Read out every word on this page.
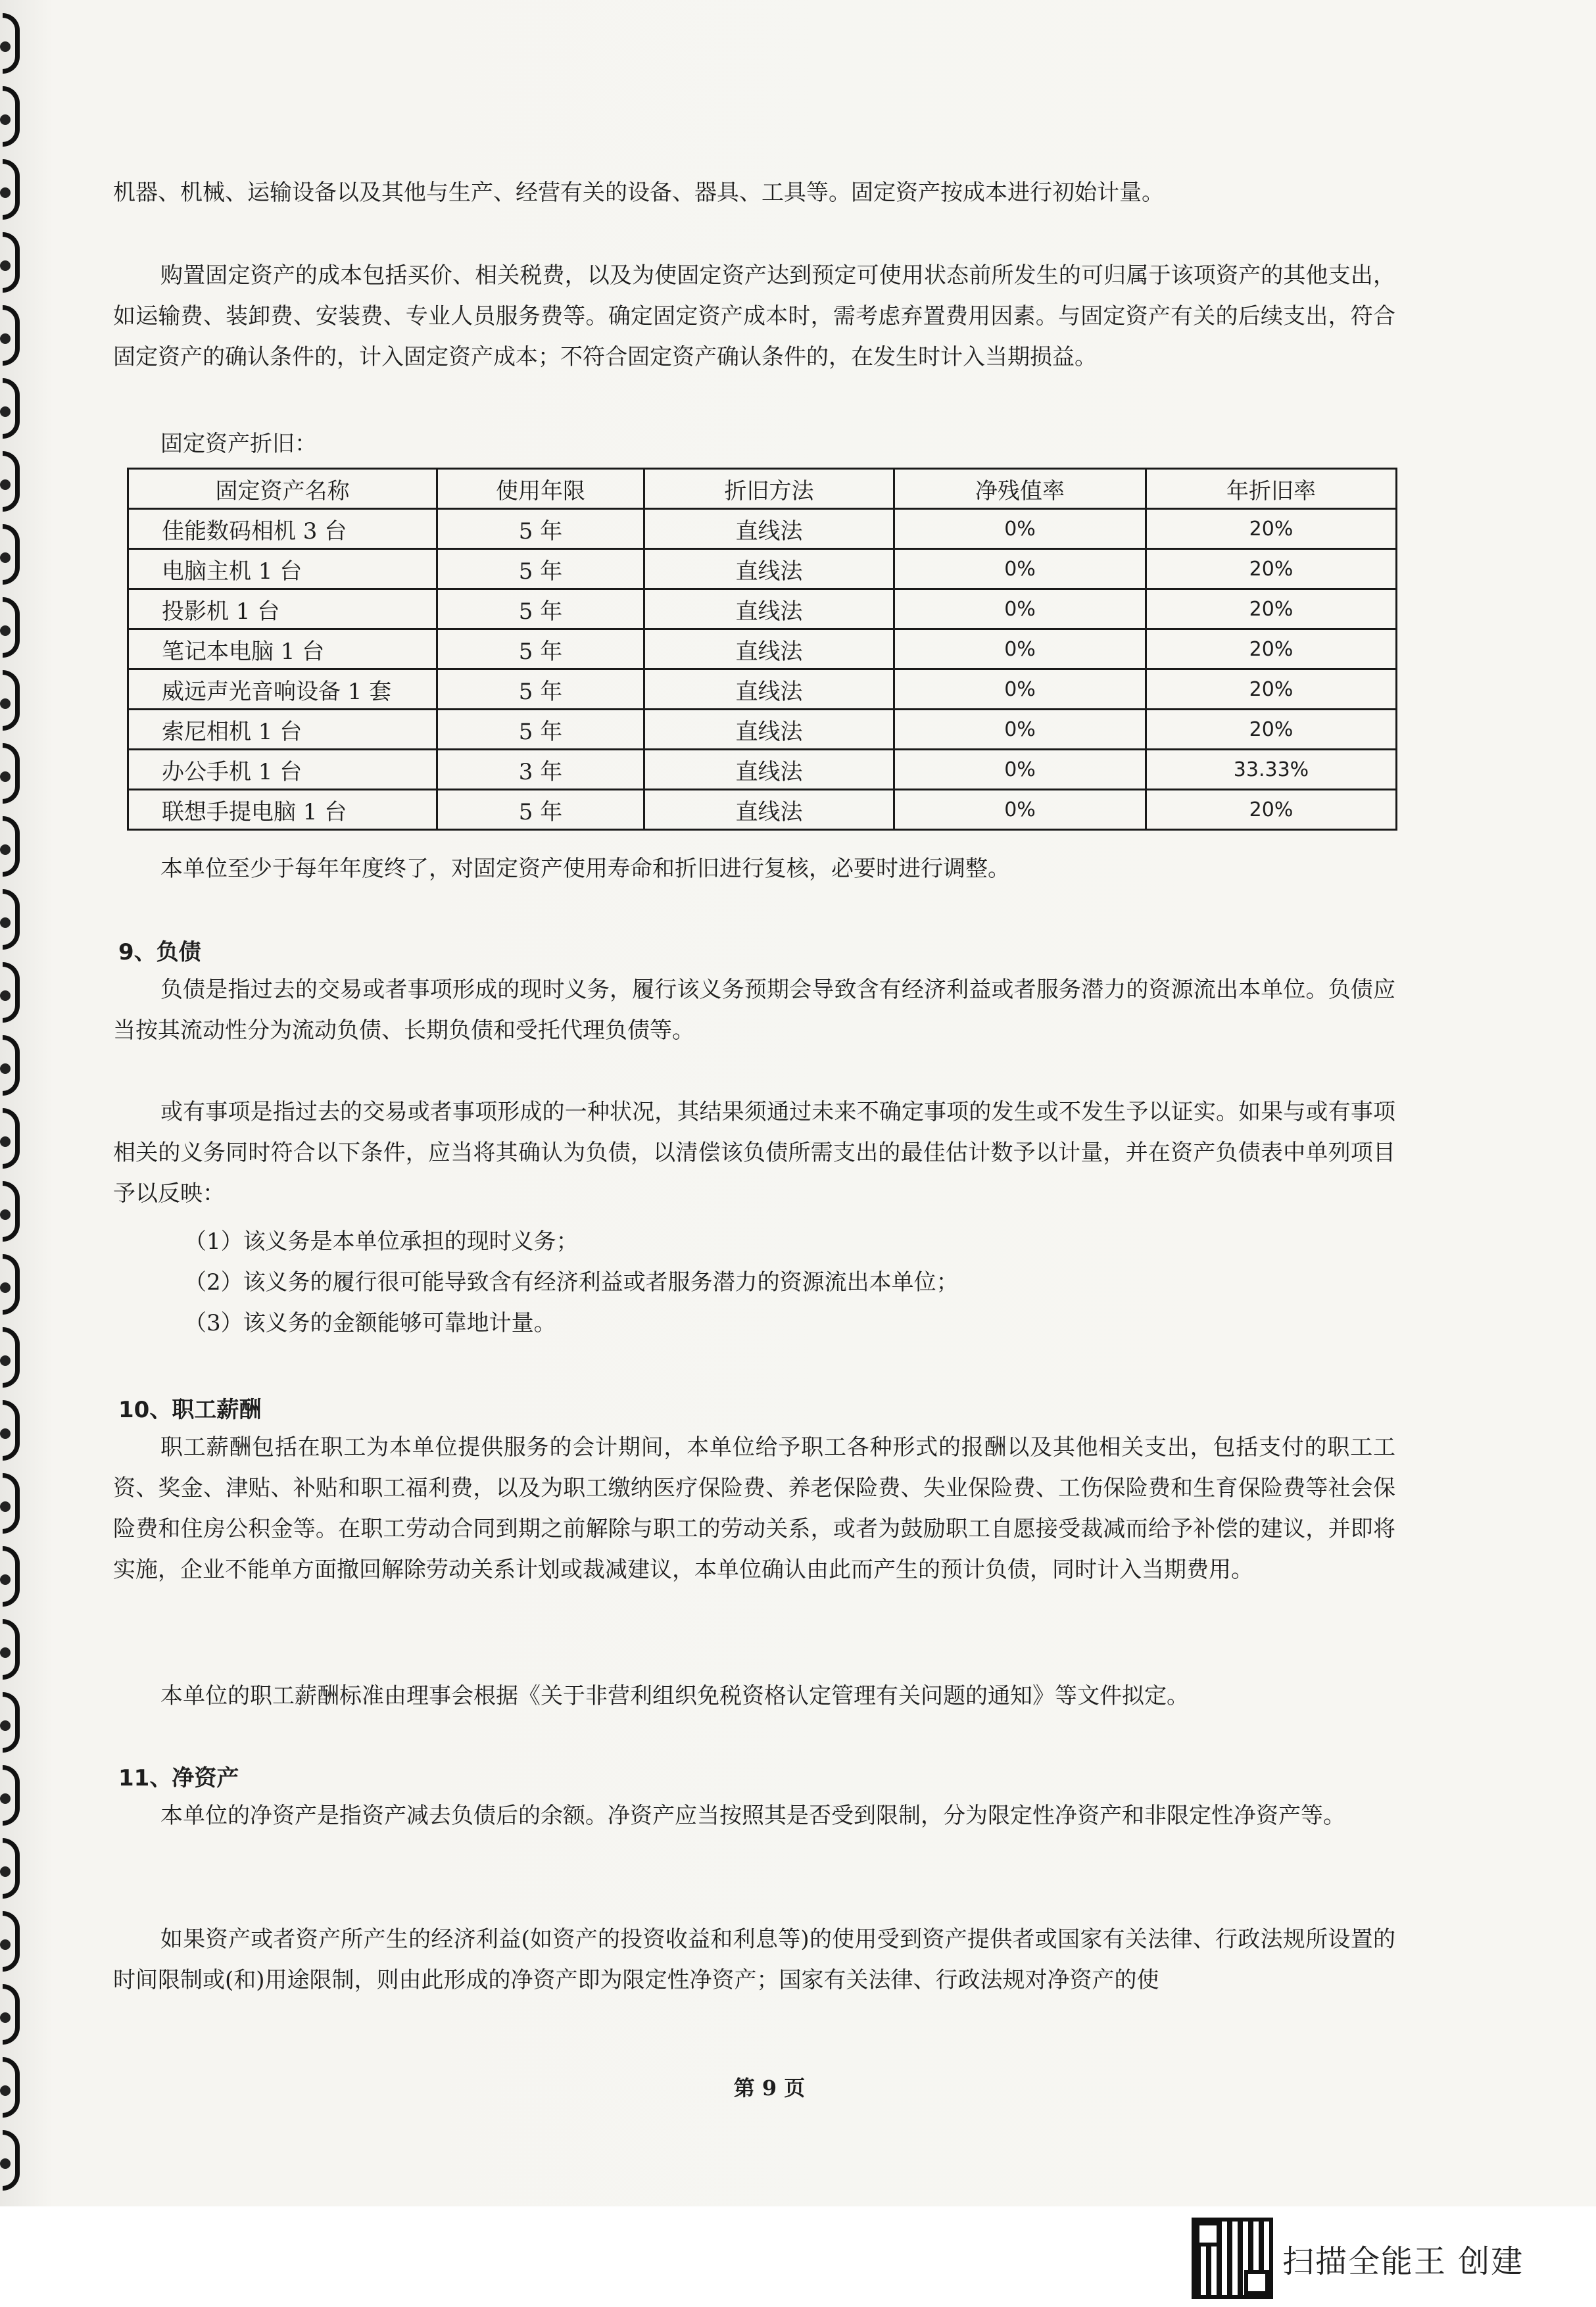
机器、机械、运输设备以及其他与生产、经营有关的设备、器具、工具等。固定资产按成本进行初始计量。

购置固定资产的成本包括买价、相关税费，以及为使固定资产达到预定可使用状态前所发生的可归属于该项资产的其他支出，如运输费、装卸费、安装费、专业人员服务费等。确定固定资产成本时，需考虑弃置费用因素。与固定资产有关的后续支出，符合固定资产的确认条件的，计入固定资产成本；不符合固定资产确认条件的，在发生时计入当期损益。

固定资产折旧：

固定资产名称	使用年限	折旧方法	净残值率	年折旧率
佳能数码相机 3 台	5 年	直线法	0%	20%
电脑主机 1 台	5 年	直线法	0%	20%
投影机 1 台	5 年	直线法	0%	20%
笔记本电脑 1 台	5 年	直线法	0%	20%
威远声光音响设备 1 套	5 年	直线法	0%	20%
索尼相机 1 台	5 年	直线法	0%	20%
办公手机 1 台	3 年	直线法	0%	33.33%
联想手提电脑 1 台	5 年	直线法	0%	20%

本单位至少于每年年度终了，对固定资产使用寿命和折旧进行复核，必要时进行调整。

9、负债

负债是指过去的交易或者事项形成的现时义务，履行该义务预期会导致含有经济利益或者服务潜力的资源流出本单位。负债应当按其流动性分为流动负债、长期负债和受托代理负债等。

或有事项是指过去的交易或者事项形成的一种状况，其结果须通过未来不确定事项的发生或不发生予以证实。如果与或有事项相关的义务同时符合以下条件，应当将其确认为负债，以清偿该负债所需支出的最佳估计数予以计量，并在资产负债表中单列项目予以反映：

（1）该义务是本单位承担的现时义务；

（2）该义务的履行很可能导致含有经济利益或者服务潜力的资源流出本单位；

（3）该义务的金额能够可靠地计量。

10、职工薪酬

职工薪酬包括在职工为本单位提供服务的会计期间，本单位给予职工各种形式的报酬以及其他相关支出，包括支付的职工工资、奖金、津贴、补贴和职工福利费，以及为职工缴纳医疗保险费、养老保险费、失业保险费、工伤保险费和生育保险费等社会保险费和住房公积金等。在职工劳动合同到期之前解除与职工的劳动关系，或者为鼓励职工自愿接受裁减而给予补偿的建议，并即将实施，企业不能单方面撤回解除劳动关系计划或裁减建议，本单位确认由此而产生的预计负债，同时计入当期费用。

本单位的职工薪酬标准由理事会根据《关于非营利组织免税资格认定管理有关问题的通知》等文件拟定。

11、净资产

本单位的净资产是指资产减去负债后的余额。净资产应当按照其是否受到限制，分为限定性净资产和非限定性净资产等。

如果资产或者资产所产生的经济利益(如资产的投资收益和利息等)的使用受到资产提供者或国家有关法律、行政法规所设置的时间限制或(和)用途限制，则由此形成的净资产即为限定性净资产；国家有关法律、行政法规对净资产的使

第 9 页
扫描全能王 创建
